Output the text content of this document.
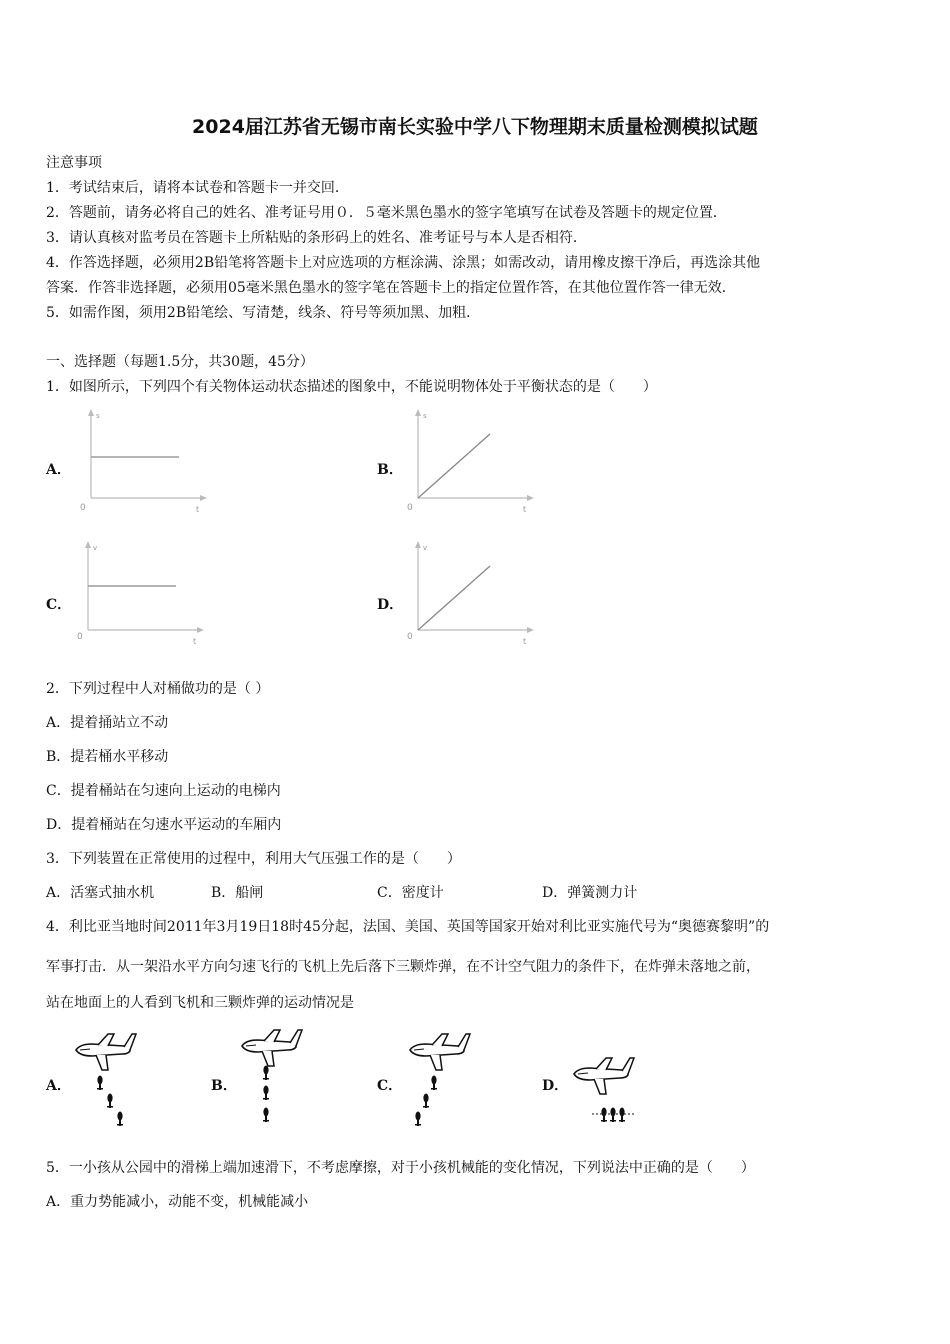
2024届江苏省无锡市南长实验中学八下物理期末质量检测模拟试题
注意事项
1．考试结束后，请将本试卷和答题卡一并交回．
2．答题前，请务必将自己的姓名、准考证号用０．５毫米黑色墨水的签字笔填写在试卷及答题卡的规定位置．
3．请认真核对监考员在答题卡上所粘贴的条形码上的姓名、准考证号与本人是否相符．
4．作答选择题，必须用2B铅笔将答题卡上对应选项的方框涂满、涂黑；如需改动，请用橡皮擦干净后，再选涂其他
答案．作答非选择题，必须用05毫米黑色墨水的签字笔在答题卡上的指定位置作答，在其他位置作答一律无效．
5．如需作图，须用2B铅笔绘、写清楚，线条、符号等须加黑、加粗．
一、选择题（每题1.5分，共30题，45分）
1．如图所示，下列四个有关物体运动状态描述的图象中，不能说明物体处于平衡状态的是（　　）
A．	B．
C．	D．
s
t
0
s
t
0
v
t
0
v
t
0
2．下列过程中人对桶做功的是（ ）
A．提着捅站立不动
B．提若桶水平移动
C．提着桶站在匀速向上运动的电梯内
D．提着桶站在匀速水平运动的车厢内
3．下列装置在正常使用的过程中，利用大气压强工作的是（　　）
A．活塞式抽水机	B．船闸	C．密度计	D．弹簧测力计
4．利比亚当地时间2011年3月19日18时45分起，法国、美国、英国等国家开始对利比亚实施代号为“奥德赛黎明”的
军事打击．从一架沿水平方向匀速飞行的飞机上先后落下三颗炸弹，在不计空气阻力的条件下，在炸弹未落地之前，
站在地面上的人看到飞机和三颗炸弹的运动情况是
A．	B．	C．	D．
5．一小孩从公园中的滑梯上端加速滑下，不考虑摩擦，对于小孩机械能的变化情况，下列说法中正确的是（　　）
A．重力势能减小，动能不变，机械能减小
